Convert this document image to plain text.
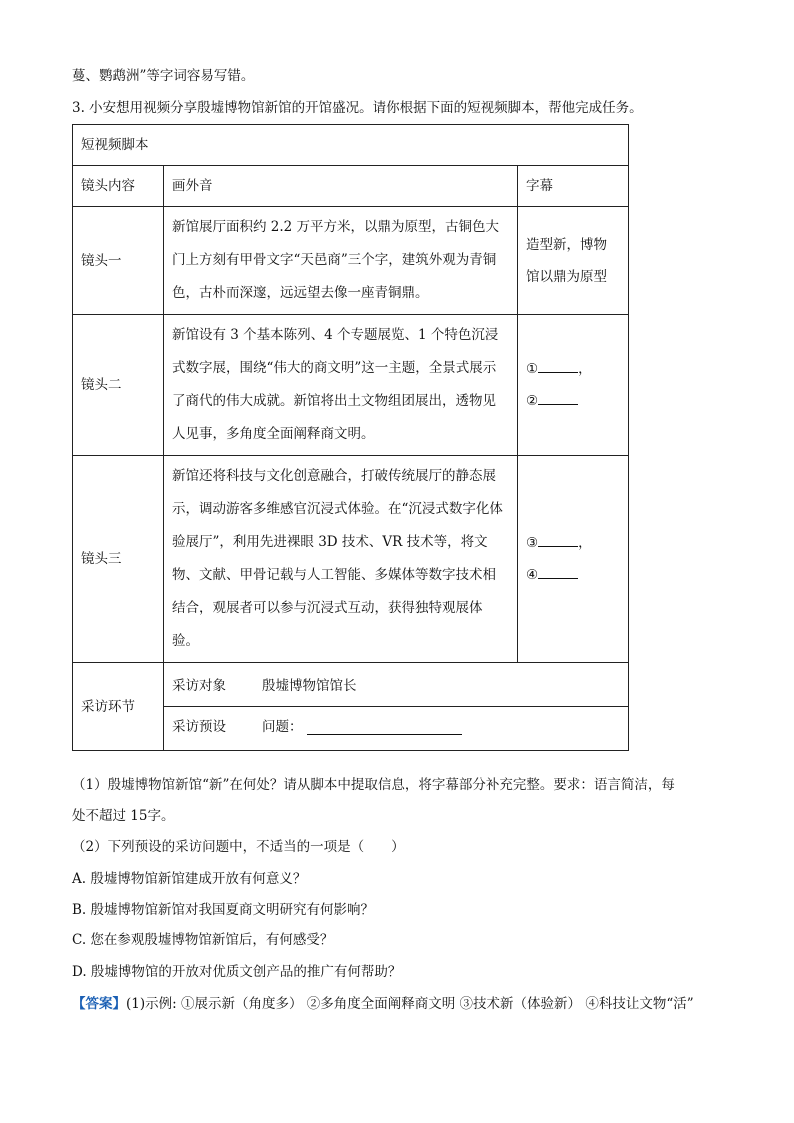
蔓、鹦鹉洲”等字词容易写错。
3. 小安想用视频分享殷墟博物馆新馆的开馆盛况。请你根据下面的短视频脚本，帮他完成任务。
短视频脚本		
镜头内容	画外音	字幕
镜头一	新馆展厅面积约 2.2 万平方米，以鼎为原型，古铜色大门上方刻有甲骨文字“天邑商”三个字，建筑外观为青铜色，古朴而深邃，远远望去像一座青铜鼎。	造型新，博物馆以鼎为原型
镜头二	新馆设有 3 个基本陈列、4 个专题展览、1 个特色沉浸式数字展，围绕“伟大的商文明”这一主题，全景式展示了商代的伟大成就。新馆将出土文物组团展出，透物见人见事，多角度全面阐释商文明。	① ，
②

镜头三	新馆还将科技与文化创意融合，打破传统展厅的静态展示，调动游客多维感官沉浸式体验。在“沉浸式数字化体验展厅”，利用先进裸眼 3D 技术、VR 技术等，将文物、文献、甲骨记载与人工智能、多媒体等数字技术相结合，观展者可以参与沉浸式互动，获得独特观展体验。	③ ，
④

采访环节	采访对象 殷墟博物馆馆长
采访预设 问题：	
（1）殷墟博物馆新馆“新”在何处？请从脚本中提取信息，将字幕部分补充完整。要求：语言简洁，每
处不超过 15字。
（2）下列预设的采访问题中，不适当的一项是（　　）
A. 殷墟博物馆新馆建成开放有何意义？
B. 殷墟博物馆新馆对我国夏商文明研究有何影响？
C. 您在参观殷墟博物馆新馆后，有何感受？
D. 殷墟博物馆的开放对优质文创产品的推广有何帮助？
【答案】(1)示例: ①展示新（角度多） ②多角度全面阐释商文明 ③技术新（体验新） ④科技让文物“活”
